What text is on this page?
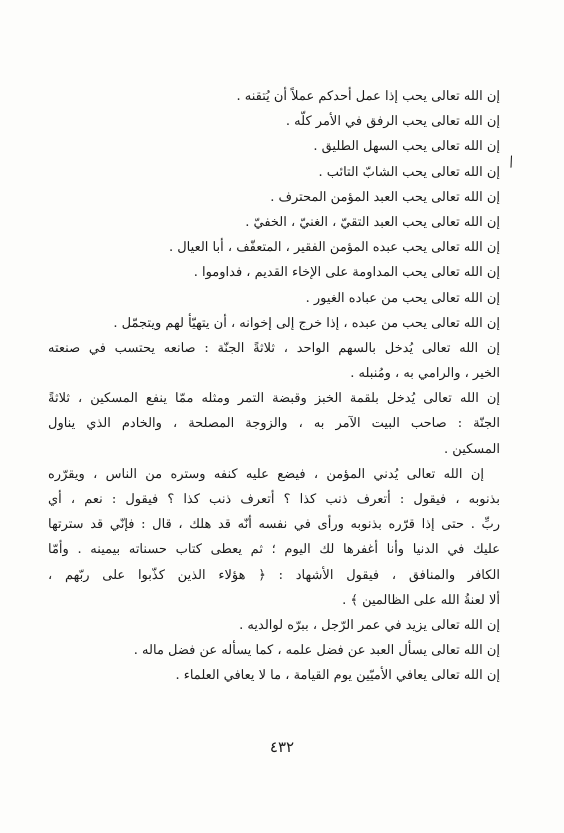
إن الله تعالى يحب إذا عمل أحدكم عملاً أن يُتقنه .
إن الله تعالى يحب الرفق في الأمر كلّه .
إن الله تعالى يحب السهل الطليق .
إن الله تعالى يحب الشابّ التائب .
إن الله تعالى يحب العبد المؤمن المحترف .
إن الله تعالى يحب العبد التقيّ ، الغنيّ ، الخفيّ .
إن الله تعالى يحب عبده المؤمن الفقير ، المتعفّف ، أبا العيال .
إن الله تعالى يحب المداومة على الإخاء القديم ، فداوموا .
إن الله تعالى يحب من عباده الغيور .
إن الله تعالى يحب من عبده ، إذا خرج إلى إخوانه ، أن يتهيّأ لهم ويتجمّل .
إن الله تعالى يُدخل بالسهم الواحد ، ثلاثةً الجنّة : صانعه يحتسب في صنعته
الخير ، والرامي به ، ومُنبله .
إن الله تعالى يُدخل بلقمة الخبز وقبضة التمر ومثله ممّا ينفع المسكين ، ثلاثةً
الجنّة : صاحب البيت الآمر به ، والزوجة المصلحة ، والخادم الذي يناول
المسكين .
إن الله تعالى يُدني المؤمن ، فيضع عليه كنفه وستره من الناس ، ويقرّره
بذنوبه ، فيقول : أتعرف ذنب كذا ؟ أتعرف ذنب كذا ؟ فيقول : نعم ، أي
ربِّ . حتى إذا قرّره بذنوبه ورأى في نفسه أنّه قد هلك ، قال : فإنّي قد سترتها
عليك في الدنيا وأنا أغفرها لك اليوم ؛ ثم يعطى كتاب حسناته بيمينه . وأمّا
الكافر والمنافق ، فيقول الأشهاد : ﴿ هؤلاء الذين كذّبوا على ربّهم ،
ألا لعنةُ الله على الظالمين ﴾ .
إن الله تعالى يزيد في عمر الرّجل ، ببرّه لوالديه .
إن الله تعالى يسأل العبد عن فضل علمه ، كما يسأله عن فضل ماله .
إن الله تعالى يعافي الأميّين يوم القيامة ، ما لا يعافي العلماء .
/
٤٣٢
